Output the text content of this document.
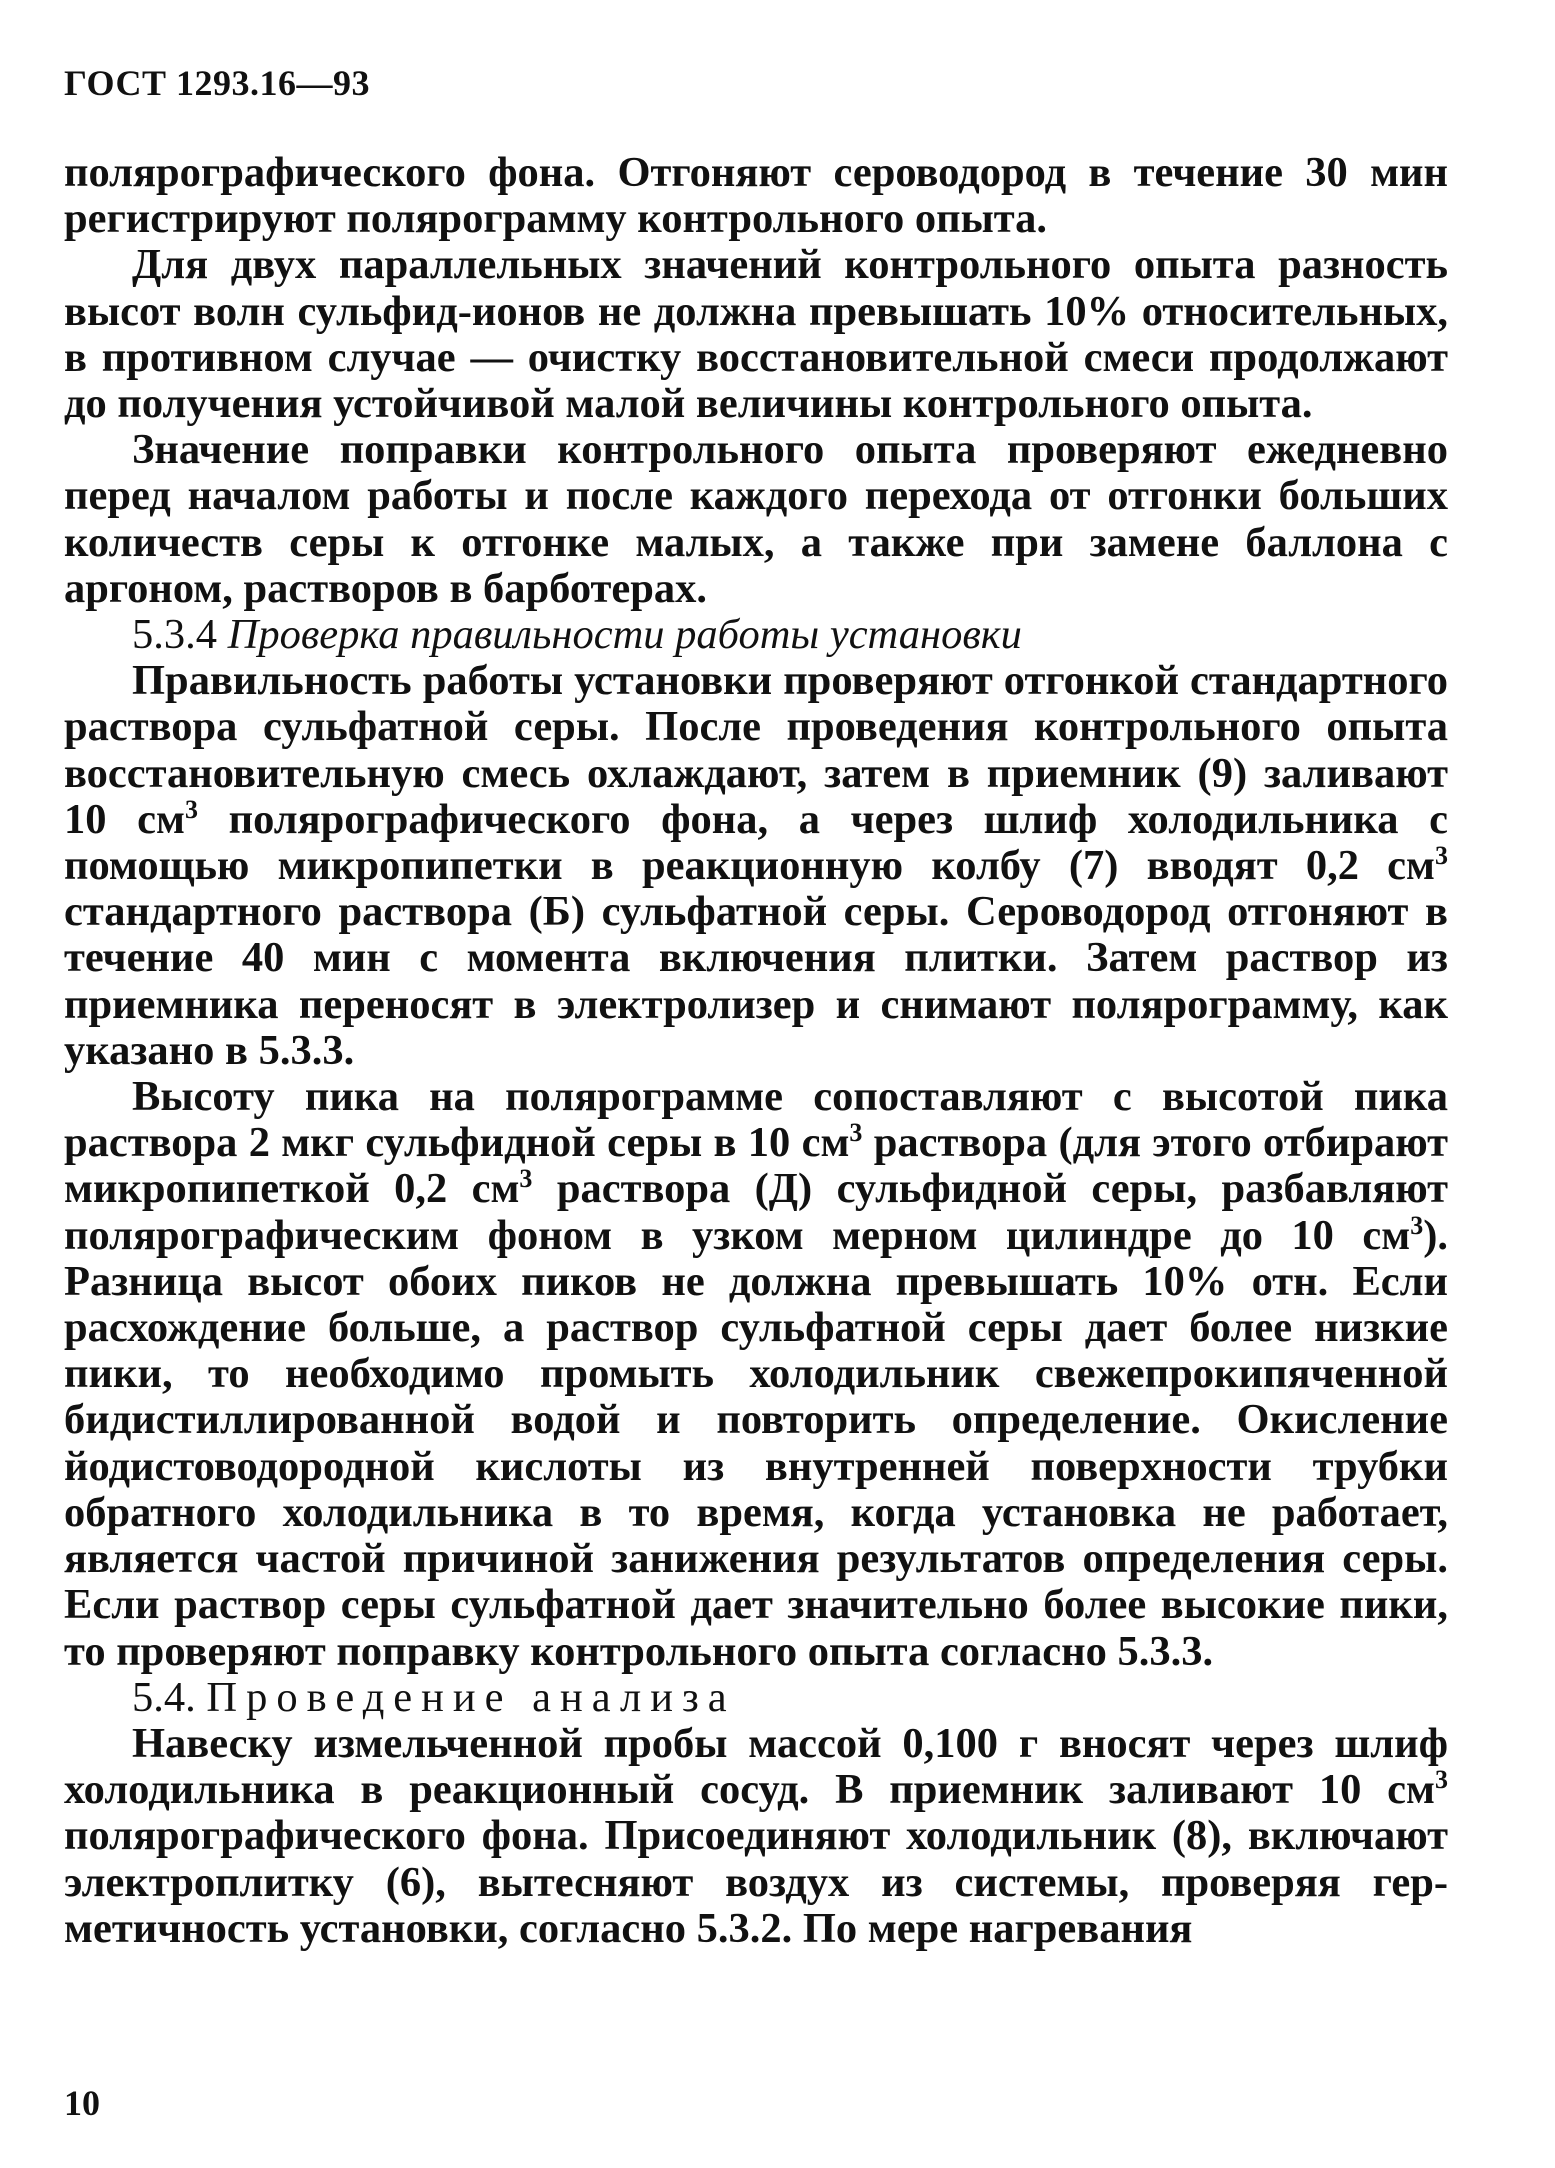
ГОСТ 1293.16—93

полярографического фона. Отгоняют сероводород в течение 30 мин регистрируют полярограмму контрольного опыта.

Для двух параллельных значений контрольного опыта разность высот волн сульфид-ионов не должна превышать 10% относительных, в противном случае — очистку восстановительной смеси продолжают до получения устойчивой малой величины контрольного опыта.

Значение поправки контрольного опыта проверяют ежедневно перед началом работы и после каждого перехода от отгонки больших количеств серы к отгонке малых, а также при замене баллона с аргоном, растворов в барботерах.

5.3.4 Проверка правильности работы установки

Правильность работы установки проверяют отгонкой стандартного раствора сульфатной серы. После проведения контрольного опыта восстановительную смесь охлаждают, затем в приемник (9) заливают 10 $см^3$ полярографического фона, а через шлиф холодильника с помощью микропипетки в реакционную колбу (7) вводят 0,2 $см^3$ стандартного раствора (Б) сульфатной серы. Сероводород отгоняют в течение 40 мин с момента включения плитки. Затем раствор из приемника переносят в электролизер и снимают полярограмму, как указано в 5.3.3.

Высоту пика на полярограмме сопоставляют с высотой пика раствора 2 мкг сульфидной серы в 10 $см^3$ раствора (для этого отбирают микропипеткой 0,2 $см^3$ раствора (Д) сульфидной серы, разбавляют полярографическим фоном в узком мерном цилиндре до 10 $см^3$). Разница высот обоих пиков не должна превышать 10% отн. Если расхождение больше, а раствор сульфатной серы дает более низкие пики, то необходимо промыть холодильник свежепрокипяченной бидистиллированной водой и повторить определение. Окисление йодистоводородной кислоты из внутренней поверхности трубки обратного холодильника в то время, когда установка не работает, является частой причиной занижения результатов определения серы. Если раствор серы сульфатной дает значительно более высокие пики, то проверяют поправку контрольного опыта согласно 5.3.3.

5.4. Проведение анализа

Навеску измельченной пробы массой 0,100 г вносят через шлиф холодильника в реакционный сосуд. В приемник заливают 10 $см^3$ полярографического фона. Присоединяют холодильник (8), включают электроплитку (6), вытесняют воздух из системы, проверяя герметичность установки, согласно 5.3.2. По мере нагревания

10
